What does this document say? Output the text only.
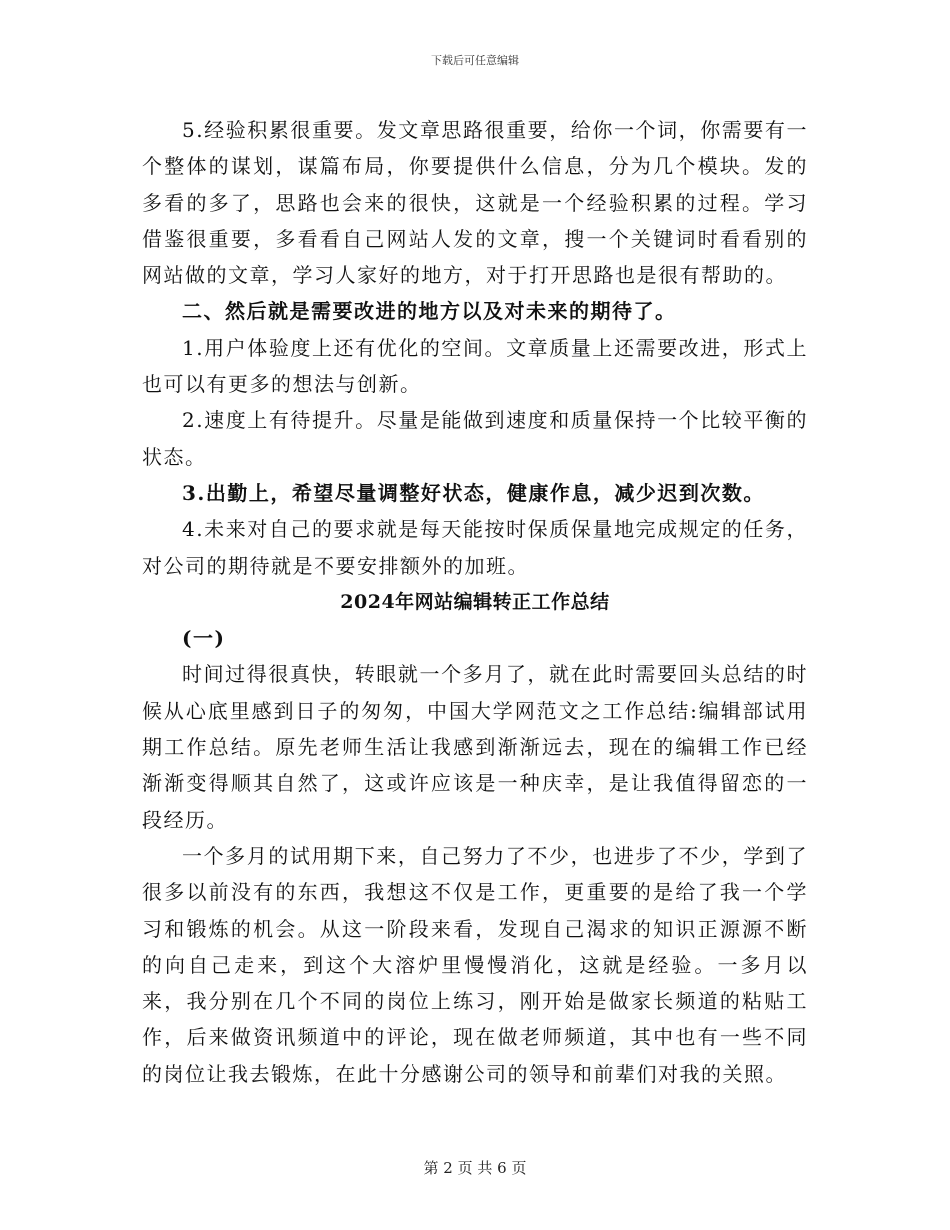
下载后可任意编辑

5.经验积累很重要。发文章思路很重要，给你一个词，你需要有一个整体的谋划，谋篇布局，你要提供什么信息，分为几个模块。发的多看的多了，思路也会来的很快，这就是一个经验积累的过程。学习借鉴很重要，多看看自己网站人发的文章，搜一个关键词时看看别的网站做的文章，学习人家好的地方，对于打开思路也是很有帮助的。

二、然后就是需要改进的地方以及对未来的期待了。

1.用户体验度上还有优化的空间。文章质量上还需要改进，形式上也可以有更多的想法与创新。

2.速度上有待提升。尽量是能做到速度和质量保持一个比较平衡的状态。

3.出勤上，希望尽量调整好状态，健康作息，减少迟到次数。

4.未来对自己的要求就是每天能按时保质保量地完成规定的任务，对公司的期待就是不要安排额外的加班。

2024年网站编辑转正工作总结

(一)

时间过得很真快，转眼就一个多月了，就在此时需要回头总结的时候从心底里感到日子的匆匆，中国大学网范文之工作总结:编辑部试用期工作总结。原先老师生活让我感到渐渐远去，现在的编辑工作已经渐渐变得顺其自然了，这或许应该是一种庆幸，是让我值得留恋的一段经历。

一个多月的试用期下来，自己努力了不少，也进步了不少，学到了很多以前没有的东西，我想这不仅是工作，更重要的是给了我一个学习和锻炼的机会。从这一阶段来看，发现自己渴求的知识正源源不断的向自己走来，到这个大溶炉里慢慢消化，这就是经验。一多月以来，我分别在几个不同的岗位上练习，刚开始是做家长频道的粘贴工作，后来做资讯频道中的评论，现在做老师频道，其中也有一些不同的岗位让我去锻炼，在此十分感谢公司的领导和前辈们对我的关照。

第 2 页 共 6 页
